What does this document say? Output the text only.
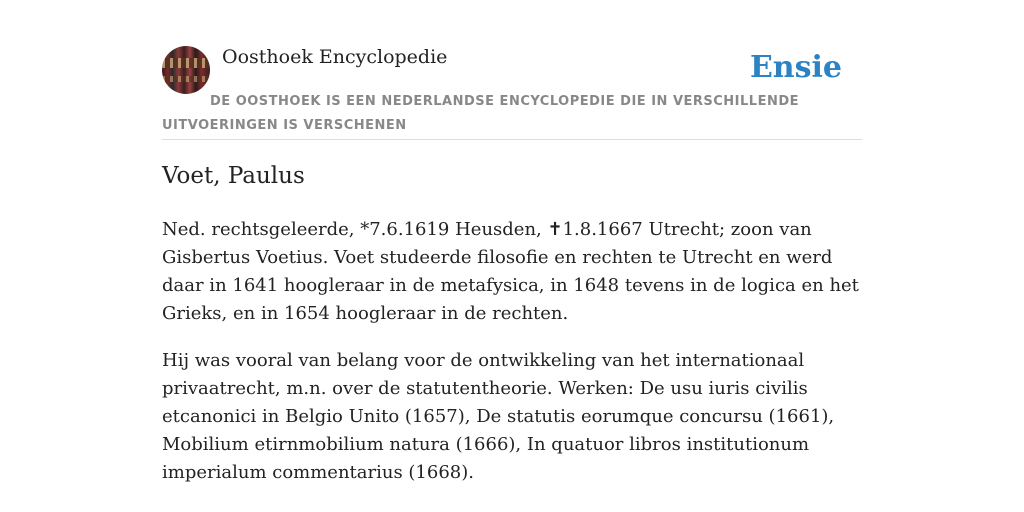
Oosthoek Encyclopedie	Ensie
DE OOSTHOEK IS EEN NEDERLANDSE ENCYCLOPEDIE DIE IN VERSCHILLENDE UITVOERINGEN IS VERSCHENEN
Voet, Paulus

Ned. rechtsgeleerde, *7.6.1619 Heusden, ✝1.8.1667 Utrecht; zoon van Gisbertus Voetius. Voet studeerde filosofie en rechten te Utrecht en werd daar in 1641 hoogleraar in de metafysica, in 1648 tevens in de logica en het Grieks, en in 1654 hoogleraar in de rechten.

Hij was vooral van belang voor de ontwikkeling van het internationaal privaatrecht, m.n. over de statutentheorie. Werken: De usu iuris civilis etcanonici in Belgio Unito (1657), De statutis eorumque concursu (1661), Mobilium etirnmobilium natura (1666), In quatuor libros institutionum imperialum commentarius (1668).
